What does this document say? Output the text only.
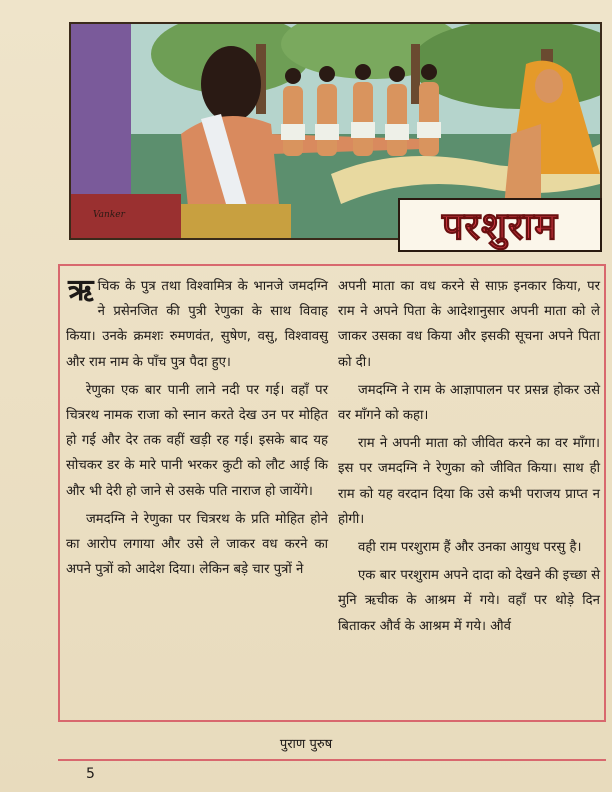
Vanker	परशुराम

ऋचिक के पुत्र तथा विश्वामित्र के भानजे जमदग्नि ने प्रसेनजित की पुत्री रेणुका के साथ विवाह किया। उनके क्रमशः रुमणवंत, सुषेण, वसु, विश्वावसु और राम नाम के पाँच पुत्र पैदा हुए।

रेणुका एक बार पानी लाने नदी पर गई। वहाँ पर चित्ररथ नामक राजा को स्नान करते देख उन पर मोहित हो गई और देर तक वहीं खड़ी रह गई। इसके बाद यह सोचकर डर के मारे पानी भरकर कुटी को लौट आई कि और भी देरी हो जाने से उसके पति नाराज हो जायेंगे।

जमदग्नि ने रेणुका पर चित्ररथ के प्रति मोहित होने का आरोप लगाया और उसे ले जाकर वध करने का अपने पुत्रों को आदेश दिया। लेकिन बड़े चार पुत्रों ने

अपनी माता का वध करने से साफ़ इनकार किया, पर राम ने अपने पिता के आदेशानुसार अपनी माता को ले जाकर उसका वध किया और इसकी सूचना अपने पिता को दी।

जमदग्नि ने राम के आज्ञापालन पर प्रसन्न होकर उसे वर माँगने को कहा।

राम ने अपनी माता को जीवित करने का वर माँगा। इस पर जमदग्नि ने रेणुका को जीवित किया। साथ ही राम को यह वरदान दिया कि उसे कभी पराजय प्राप्त न होगी।

वही राम परशुराम हैं और उनका आयुध परसु है।

एक बार परशुराम अपने दादा को देखने की इच्छा से मुनि ऋचीक के आश्रम में गये। वहाँ पर थोड़े दिन बिताकर और्व के आश्रम में गये। और्व

पुराण पुरुष
5
